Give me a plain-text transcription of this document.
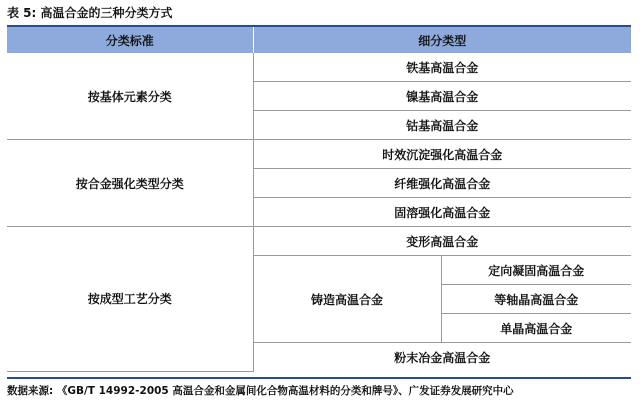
表 5: 高温合金的三种分类方式
分类标准	细分类型	
按基体元素分类	铁基高温合金	
	镍基高温合金	
	钴基高温合金	
按合金强化类型分类	时效沉淀强化高温合金	
	纤维强化高温合金	
	固溶强化高温合金	
按成型工艺分类	变形高温合金	
	铸造高温合金	定向凝固高温合金
		等轴晶高温合金
		单晶高温合金
	粉末冶金高温合金	
数据来源: 《GB/T 14992-2005 高温合金和金属间化合物高温材料的分类和牌号》、广发证券发展研究中心
